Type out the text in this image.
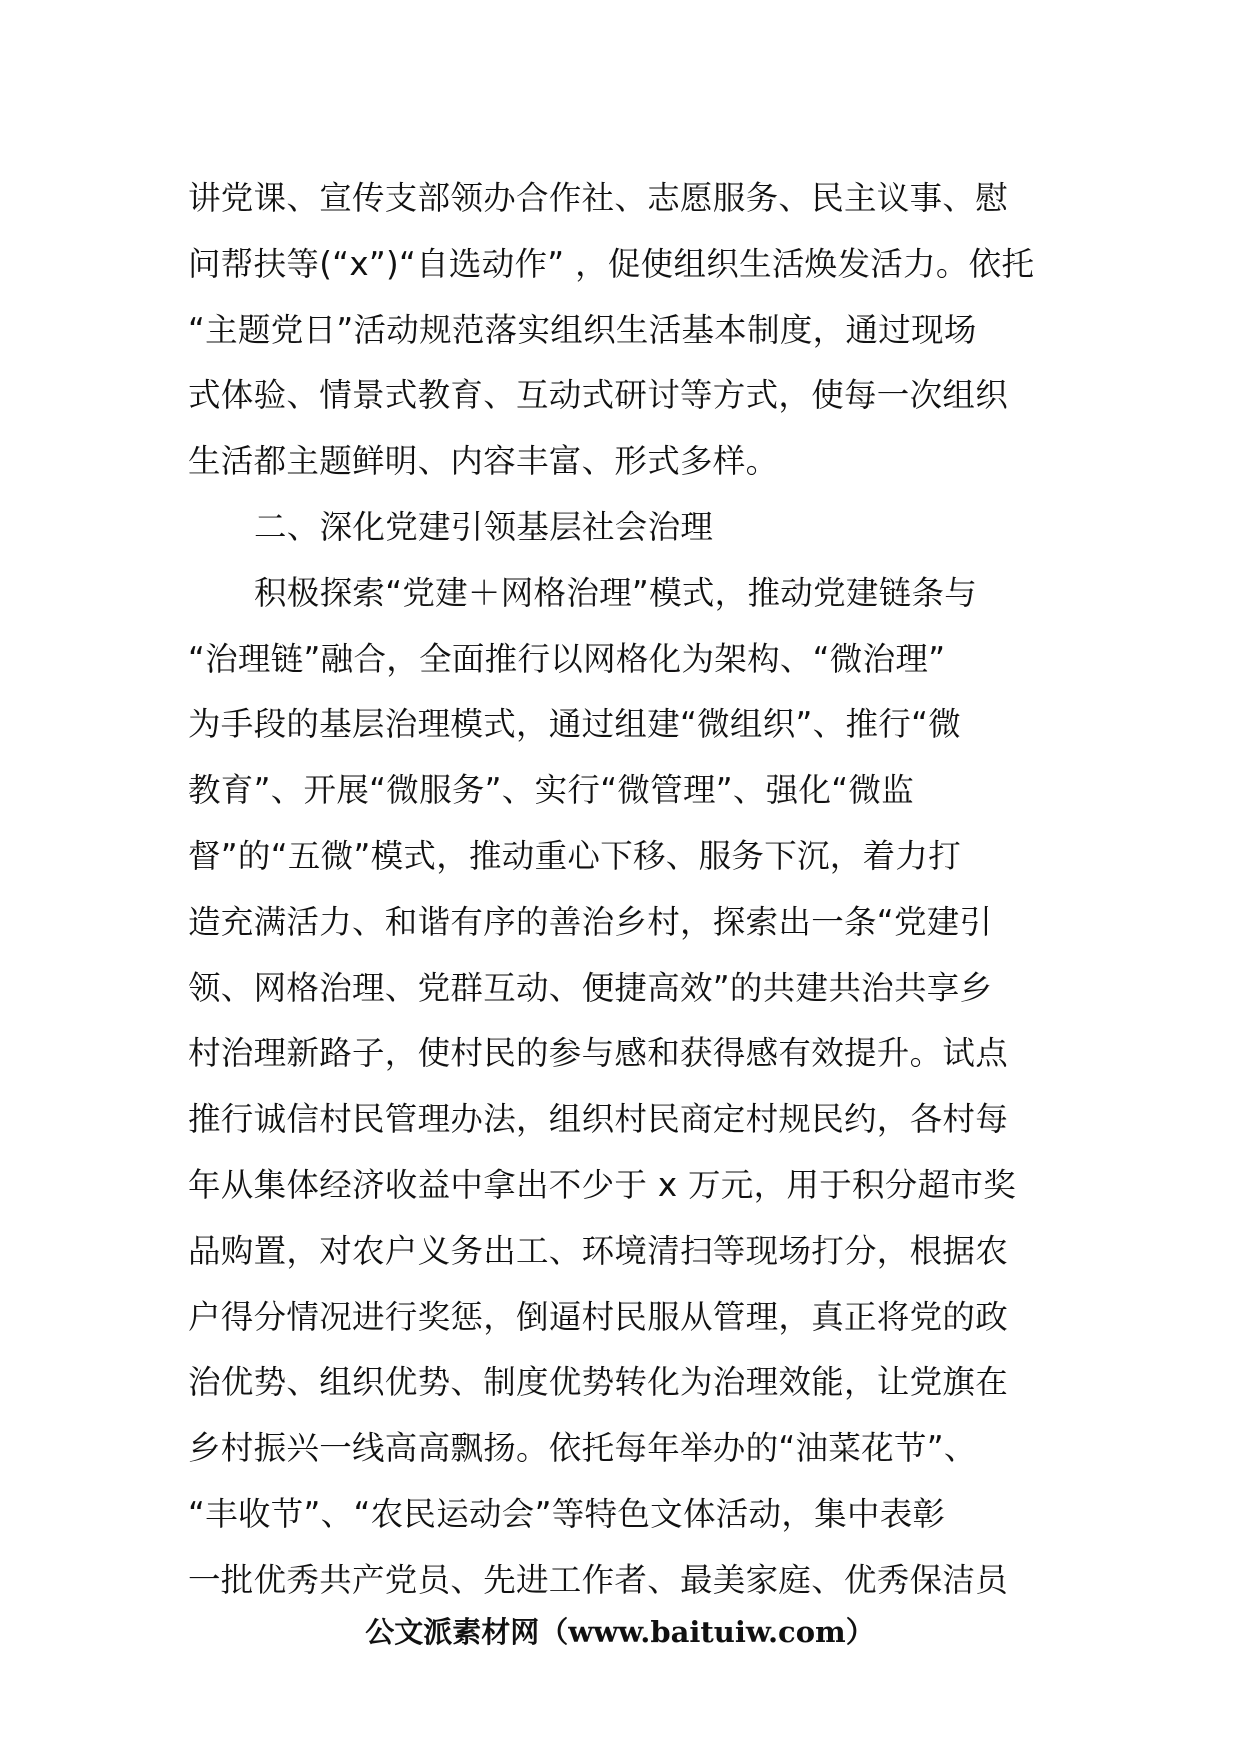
讲党课、宣传支部领办合作社、志愿服务、民主议事、慰
问帮扶等(“x”)“自选动作” ，促使组织生活焕发活力。依托
“主题党日”活动规范落实组织生活基本制度，通过现场
式体验、情景式教育、互动式研讨等方式，使每一次组织
生活都主题鲜明、内容丰富、形式多样。
二、深化党建引领基层社会治理
积极探索“党建＋网格治理”模式，推动党建链条与
“治理链”融合，全面推行以网格化为架构、“微治理”
为手段的基层治理模式，通过组建“微组织”、推行“微
教育”、开展“微服务”、实行“微管理”、强化“微监
督”的“五微”模式，推动重心下移、服务下沉，着力打
造充满活力、和谐有序的善治乡村，探索出一条“党建引
领、网格治理、党群互动、便捷高效”的共建共治共享乡
村治理新路子，使村民的参与感和获得感有效提升。试点
推行诚信村民管理办法，组织村民商定村规民约，各村每
年从集体经济收益中拿出不少于 x 万元，用于积分超市奖
品购置，对农户义务出工、环境清扫等现场打分，根据农
户得分情况进行奖惩，倒逼村民服从管理，真正将党的政
治优势、组织优势、制度优势转化为治理效能，让党旗在
乡村振兴一线高高飘扬。依托每年举办的“油菜花节”、
“丰收节”、“农民运动会”等特色文体活动，集中表彰
一批优秀共产党员、先进工作者、最美家庭、优秀保洁员
公文派素材网（www.baituiw.com）
